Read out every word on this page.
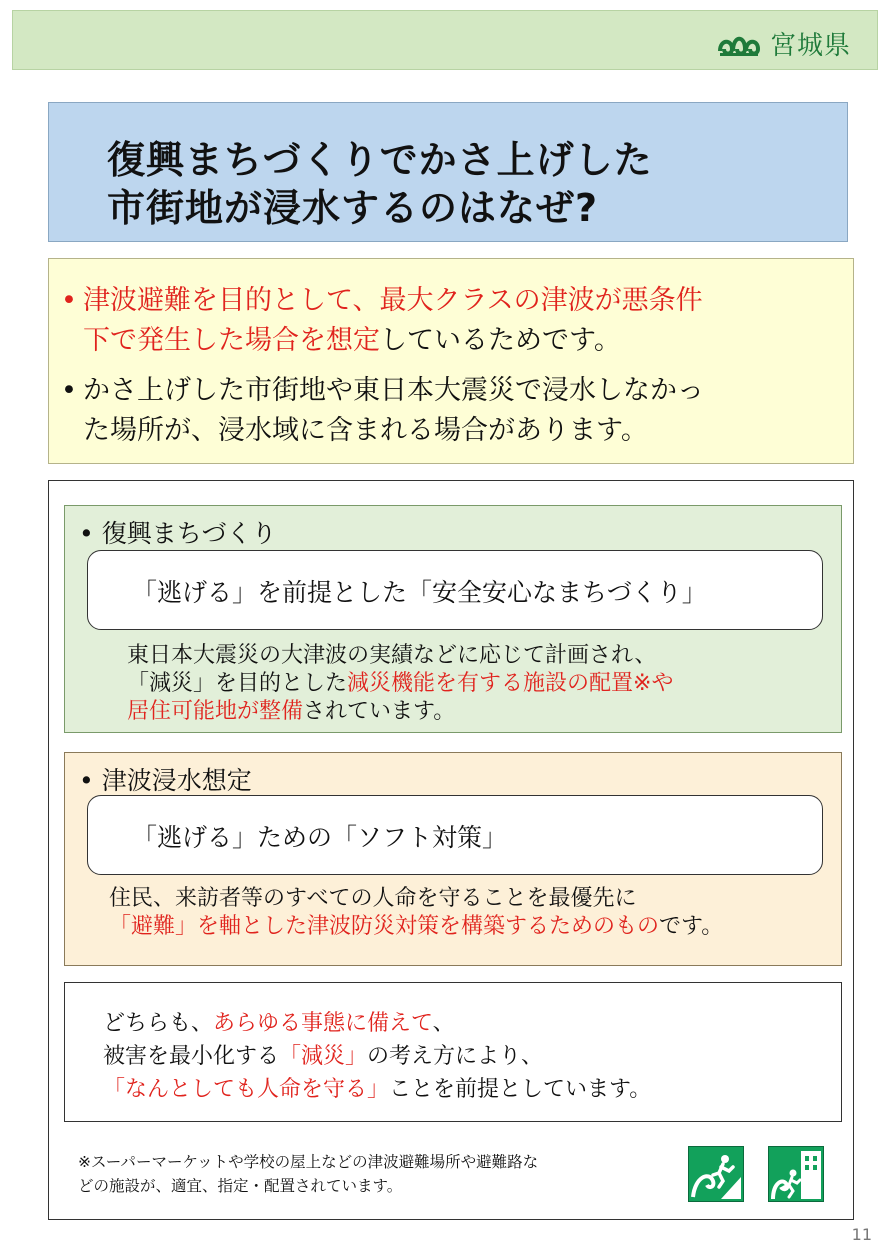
宮城県
復興まちづくりでかさ上げした
市街地が浸水するのはなぜ?
• 津波避難を目的として、最大クラスの津波が悪条件
下で発生した場合を想定しているためです。
• かさ上げした市街地や東日本大震災で浸水しなかっ
た場所が、浸水域に含まれる場合があります。
• 復興まちづくり
「逃げる」を前提とした「安全安心なまちづくり」
東日本大震災の大津波の実績などに応じて計画され、
「減災」を目的とした減災機能を有する施設の配置※や
居住可能地が整備されています。
• 津波浸水想定
「逃げる」ための「ソフト対策」
住民、来訪者等のすべての人命を守ることを最優先に
「避難」を軸とした津波防災対策を構築するためのものです。
どちらも、あらゆる事態に備えて、
被害を最小化する「減災」の考え方により、
「なんとしても人命を守る」ことを前提としています。
※スーパーマーケットや学校の屋上などの津波避難場所や避難路な
どの施設が、適宜、指定・配置されています。
11
